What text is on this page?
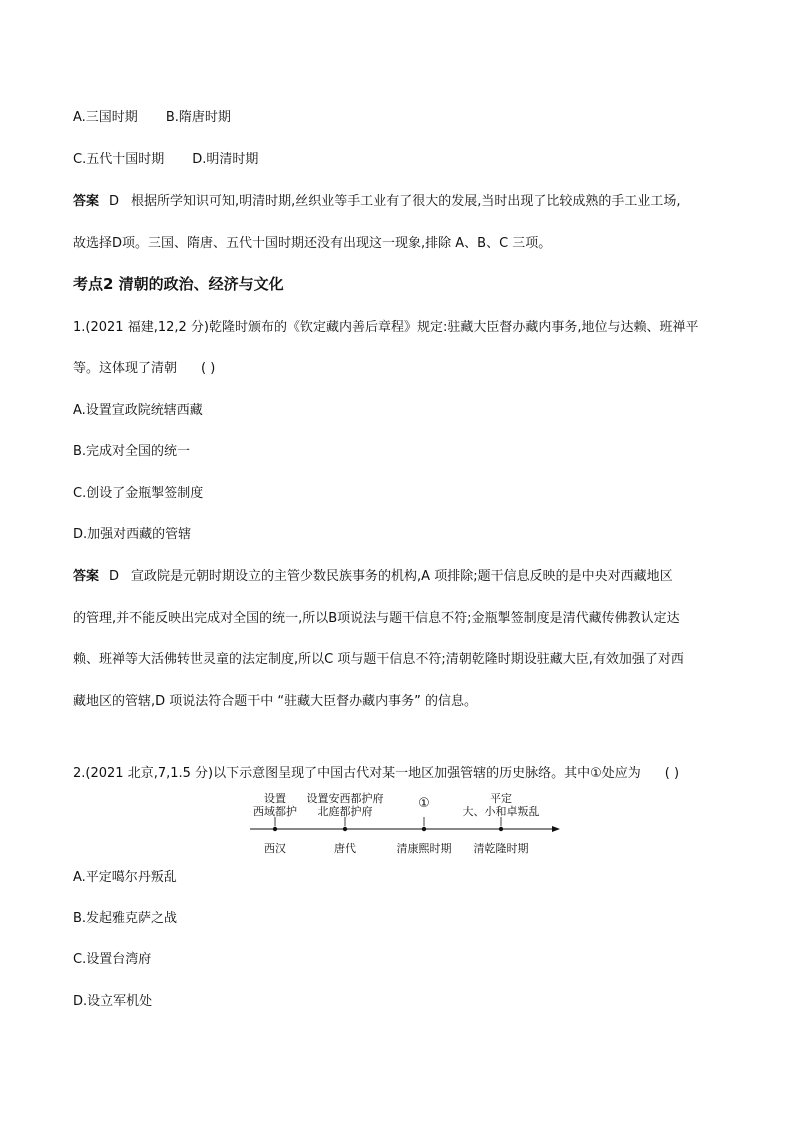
A.三国时期 B.隋唐时期
C.五代十国时期 D.明清时期
答案 D 根据所学知识可知,明清时期,丝织业等手工业有了很大的发展,当时出现了比较成熟的手工业工场,
故选择D项。三国、隋唐、五代十国时期还没有出现这一现象,排除 A、B、C 三项。
考点2 清朝的政治、经济与文化
1.(2021 福建,12,2 分)乾隆时颁布的《钦定藏内善后章程》规定:驻藏大臣督办藏内事务,地位与达赖、班禅平
等。这体现了清朝 ( )
A.设置宣政院统辖西藏
B.完成对全国的统一
C.创设了金瓶掣签制度
D.加强对西藏的管辖
答案 D 宣政院是元朝时期设立的主管少数民族事务的机构,A 项排除;题干信息反映的是中央对西藏地区
的管理,并不能反映出完成对全国的统一,所以B项说法与题干信息不符;金瓶掣签制度是清代藏传佛教认定达
赖、班禅等大活佛转世灵童的法定制度,所以C 项与题干信息不符;清朝乾隆时期设驻藏大臣,有效加强了对西
藏地区的管辖,D 项说法符合题干中 “驻藏大臣督办藏内事务” 的信息。
2.(2021 北京,7,1.5 分)以下示意图呈现了中国古代对某一地区加强管辖的历史脉络。其中①处应为 ( )
设置
西域都护
设置安西都护府
北庭都护府
①	平定
大、小和卓叛乱
西汉	唐代	清康熙时期 清乾隆时期
A.平定噶尔丹叛乱
B.发起雅克萨之战
C.设置台湾府
D.设立军机处
